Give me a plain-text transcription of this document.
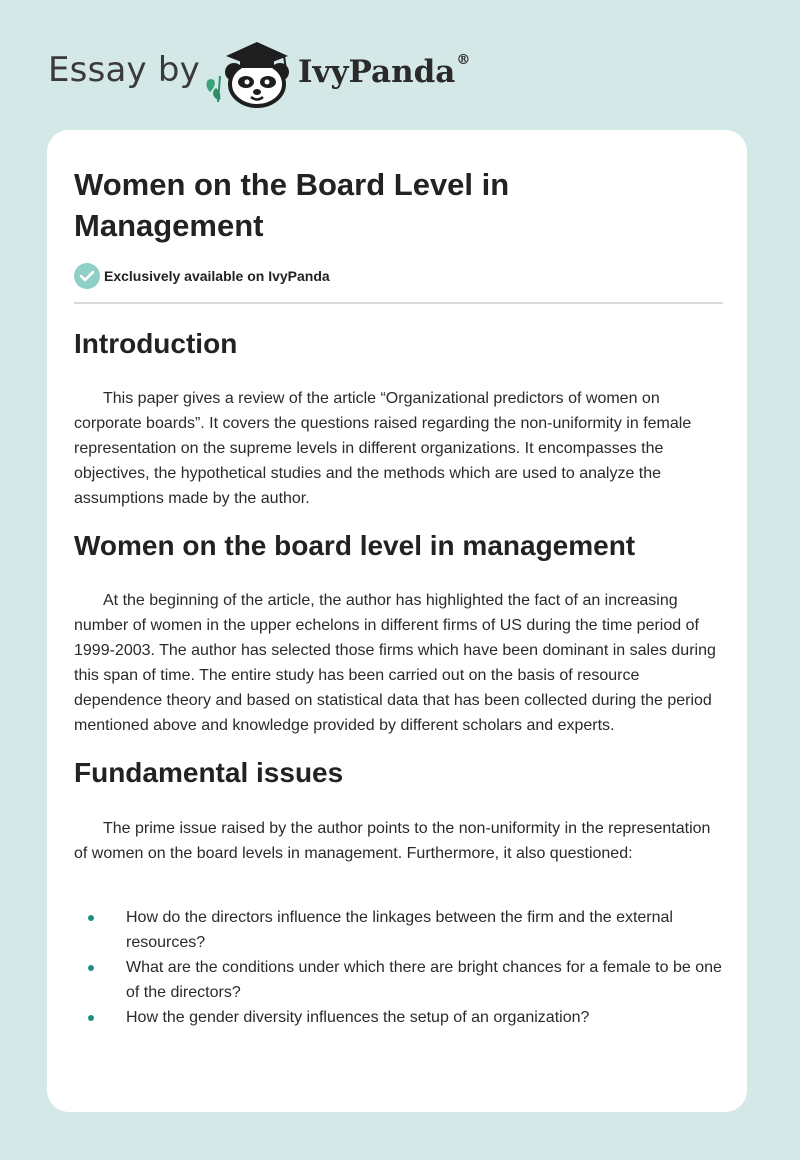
Essay by	IvyPanda®
Women on the Board Level in Management
Exclusively available on IvyPanda
Introduction

This paper gives a review of the article “Organizational predictors of women on corporate boards”. It covers the questions raised regarding the non-uniformity in female representation on the supreme levels in different organizations. It encompasses the objectives, the hypothetical studies and the methods which are used to analyze the assumptions made by the author.

Women on the board level in management

At the beginning of the article, the author has highlighted the fact of an increasing number of women in the upper echelons in different firms of US during the time period of 1999-2003. The author has selected those firms which have been dominant in sales during this span of time. The entire study has been carried out on the basis of resource dependence theory and based on statistical data that has been collected during the period mentioned above and knowledge provided by different scholars and experts.

Fundamental issues

The prime issue raised by the author points to the non-uniformity in the representation of women on the board levels in management. Furthermore, it also questioned:

How do the directors influence the linkages between the firm and the external resources?
What are the conditions under which there are bright chances for a female to be one of the directors?
How the gender diversity influences the setup of an organization?
